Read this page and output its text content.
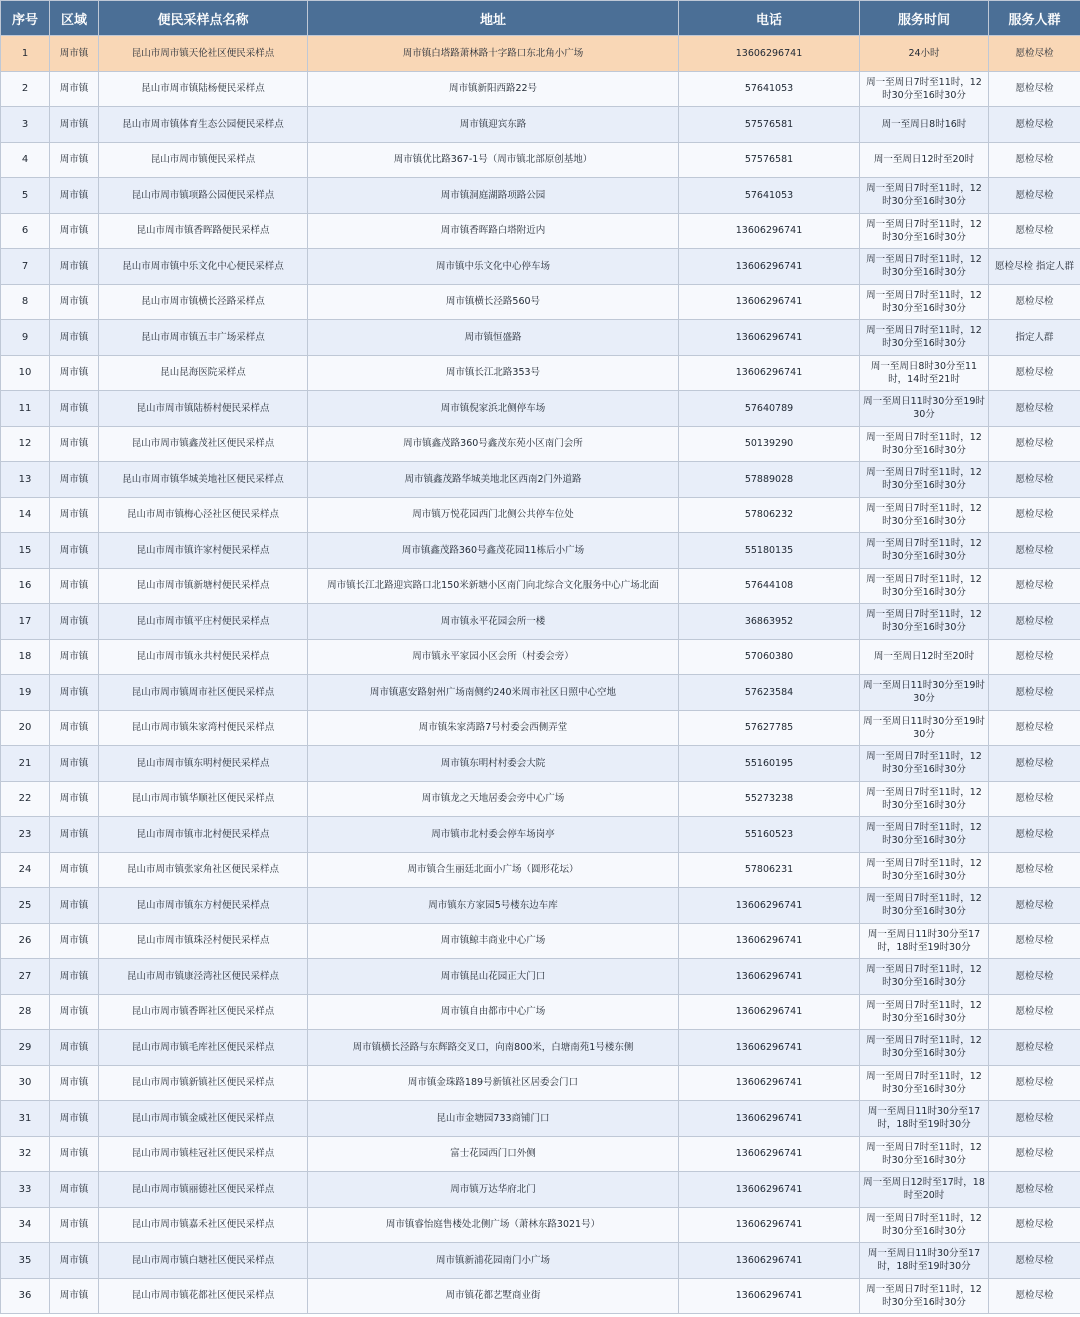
序号	区域	便民采样点名称	地址	电话	服务时间	服务人群
1	周市镇	昆山市周市镇天伦社区便民采样点	周市镇白塔路萧林路十字路口东北角小广场	13606296741	24小时	愿检尽检
2	周市镇	昆山市周市镇陆杨便民采样点	周市镇新阳西路22号	57641053	周一至周日7时至11时，12时30分至16时30分	愿检尽检
3	周市镇	昆山市周市镇体育生态公园便民采样点	周市镇迎宾东路	57576581	周一至周日8时16时	愿检尽检
4	周市镇	昆山市周市镇便民采样点	周市镇优比路367-1号（周市镇北部原创基地）	57576581	周一至周日12时至20时	愿检尽检
5	周市镇	昆山市周市镇项路公园便民采样点	周市镇洞庭湖路项路公园	57641053	周一至周日7时至11时，12时30分至16时30分	愿检尽检
6	周市镇	昆山市周市镇香晖路便民采样点	周市镇香晖路白塔附近内	13606296741	周一至周日7时至11时，12时30分至16时30分	愿检尽检
7	周市镇	昆山市周市镇中乐文化中心便民采样点	周市镇中乐文化中心停车场	13606296741	周一至周日7时至11时，12时30分至16时30分	愿检尽检 指定人群
8	周市镇	昆山市周市镇横长泾路采样点	周市镇横长泾路560号	13606296741	周一至周日7时至11时，12时30分至16时30分	愿检尽检
9	周市镇	昆山市周市镇五丰广场采样点	周市镇恒盛路	13606296741	周一至周日7时至11时，12时30分至16时30分	指定人群
10	周市镇	昆山昆海医院采样点	周市镇长江北路353号	13606296741	周一至周日8时30分至11时，14时至21时	愿检尽检
11	周市镇	昆山市周市镇陆桥村便民采样点	周市镇倪家浜北侧停车场	57640789	周一至周日11时30分至19时30分	愿检尽检
12	周市镇	昆山市周市镇鑫茂社区便民采样点	周市镇鑫茂路360号鑫茂东苑小区南门会所	50139290	周一至周日7时至11时，12时30分至16时30分	愿检尽检
13	周市镇	昆山市周市镇华城美地社区便民采样点	周市镇鑫茂路华城美地北区西南2门外道路	57889028	周一至周日7时至11时，12时30分至16时30分	愿检尽检
14	周市镇	昆山市周市镇梅心泾社区便民采样点	周市镇万悦花园西门北侧公共停车位处	57806232	周一至周日7时至11时，12时30分至16时30分	愿检尽检
15	周市镇	昆山市周市镇许家村便民采样点	周市镇鑫茂路360号鑫茂花园11栋后小广场	55180135	周一至周日7时至11时，12时30分至16时30分	愿检尽检
16	周市镇	昆山市周市镇新塘村便民采样点	周市镇长江北路迎宾路口北150米新塘小区南门向北综合文化服务中心广场北面	57644108	周一至周日7时至11时，12时30分至16时30分	愿检尽检
17	周市镇	昆山市周市镇平庄村便民采样点	周市镇永平花园会所一楼	36863952	周一至周日7时至11时，12时30分至16时30分	愿检尽检
18	周市镇	昆山市周市镇永共村便民采样点	周市镇永平家园小区会所（村委会旁）	57060380	周一至周日12时至20时	愿检尽检
19	周市镇	昆山市周市镇周市社区便民采样点	周市镇惠安路射州广场南侧约240米周市社区日照中心空地	57623584	周一至周日11时30分至19时30分	愿检尽检
20	周市镇	昆山市周市镇朱家湾村便民采样点	周市镇朱家湾路7号村委会西侧弄堂	57627785	周一至周日11时30分至19时30分	愿检尽检
21	周市镇	昆山市周市镇东明村便民采样点	周市镇东明村村委会大院	55160195	周一至周日7时至11时，12时30分至16时30分	愿检尽检
22	周市镇	昆山市周市镇华顺社区便民采样点	周市镇龙之天地居委会旁中心广场	55273238	周一至周日7时至11时，12时30分至16时30分	愿检尽检
23	周市镇	昆山市周市镇市北村便民采样点	周市镇市北村委会停车场岗亭	55160523	周一至周日7时至11时，12时30分至16时30分	愿检尽检
24	周市镇	昆山市周市镇张家角社区便民采样点	周市镇合生丽廷北面小广场（圆形花坛）	57806231	周一至周日7时至11时，12时30分至16时30分	愿检尽检
25	周市镇	昆山市周市镇东方村便民采样点	周市镇东方家园5号楼东边车库	13606296741	周一至周日7时至11时，12时30分至16时30分	愿检尽检
26	周市镇	昆山市周市镇珠泾村便民采样点	周市镇鲸丰商业中心广场	13606296741	周一至周日11时30分至17时，18时至19时30分	愿检尽检
27	周市镇	昆山市周市镇康泾湾社区便民采样点	周市镇昆山花园正大门口	13606296741	周一至周日7时至11时，12时30分至16时30分	愿检尽检
28	周市镇	昆山市周市镇香晖社区便民采样点	周市镇自由都市中心广场	13606296741	周一至周日7时至11时，12时30分至16时30分	愿检尽检
29	周市镇	昆山市周市镇毛库社区便民采样点	周市镇横长泾路与东辉路交叉口，向南800米，白塘南苑1号楼东侧	13606296741	周一至周日7时至11时，12时30分至16时30分	愿检尽检
30	周市镇	昆山市周市镇新镇社区便民采样点	周市镇金珠路189号新镇社区居委会门口	13606296741	周一至周日7时至11时，12时30分至16时30分	愿检尽检
31	周市镇	昆山市周市镇金威社区便民采样点	昆山市金塘园733商铺门口	13606296741	周一至周日11时30分至17时，18时至19时30分	愿检尽检
32	周市镇	昆山市周市镇桂冠社区便民采样点	富士花园西门口外侧	13606296741	周一至周日7时至11时，12时30分至16时30分	愿检尽检
33	周市镇	昆山市周市镇丽德社区便民采样点	周市镇万达华府北门	13606296741	周一至周日12时至17时，18时至20时	愿检尽检
34	周市镇	昆山市周市镇嘉禾社区便民采样点	周市镇睿怡庭售楼处北侧广场（萧林东路3021号）	13606296741	周一至周日7时至11时，12时30分至16时30分	愿检尽检
35	周市镇	昆山市周市镇白塘社区便民采样点	周市镇新浦花园南门小广场	13606296741	周一至周日11时30分至17时，18时至19时30分	愿检尽检
36	周市镇	昆山市周市镇花都社区便民采样点	周市镇花都艺墅商业街	13606296741	周一至周日7时至11时，12时30分至16时30分	愿检尽检
